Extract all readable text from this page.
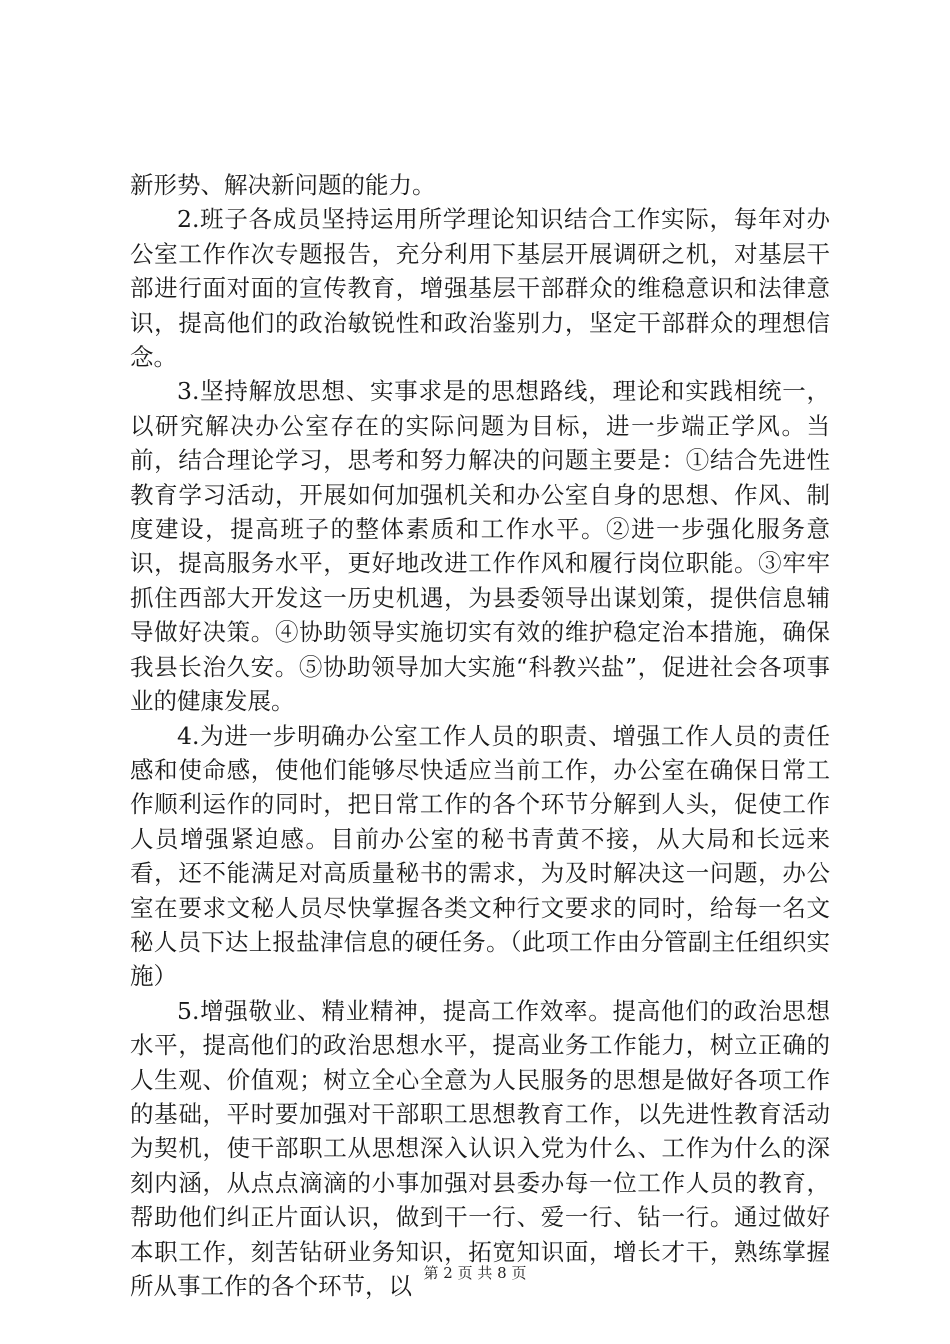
新形势、解决新问题的能力。

2.班子各成员坚持运用所学理论知识结合工作实际，每年对办公室工作作次专题报告，充分利用下基层开展调研之机，对基层干部进行面对面的宣传教育，增强基层干部群众的维稳意识和法律意识，提高他们的政治敏锐性和政治鉴别力，坚定干部群众的理想信念。

3.坚持解放思想、实事求是的思想路线，理论和实践相统一，以研究解决办公室存在的实际问题为目标，进一步端正学风。当前，结合理论学习，思考和努力解决的问题主要是：①结合先进性教育学习活动，开展如何加强机关和办公室自身的思想、作风、制度建设，提高班子的整体素质和工作水平。②进一步强化服务意识，提高服务水平，更好地改进工作作风和履行岗位职能。③牢牢抓住西部大开发这一历史机遇，为县委领导出谋划策，提供信息辅导做好决策。④协助领导实施切实有效的维护稳定治本措施，确保我县长治久安。⑤协助领导加大实施“科教兴盐”，促进社会各项事业的健康发展。

4.为进一步明确办公室工作人员的职责、增强工作人员的责任感和使命感，使他们能够尽快适应当前工作，办公室在确保日常工作顺利运作的同时，把日常工作的各个环节分解到人头，促使工作人员增强紧迫感。目前办公室的秘书青黄不接，从大局和长远来看，还不能满足对高质量秘书的需求，为及时解决这一问题，办公室在要求文秘人员尽快掌握各类文种行文要求的同时，给每一名文秘人员下达上报盐津信息的硬任务。（此项工作由分管副主任组织实施）

5.增强敬业、精业精神，提高工作效率。提高他们的政治思想水平，提高他们的政治思想水平，提高业务工作能力，树立正确的人生观、价值观；树立全心全意为人民服务的思想是做好各项工作的基础，平时要加强对干部职工思想教育工作，以先进性教育活动为契机，使干部职工从思想深入认识入党为什么、工作为什么的深刻内涵，从点点滴滴的小事加强对县委办每一位工作人员的教育，帮助他们纠正片面认识，做到干一行、爱一行、钻一行。通过做好本职工作，刻苦钻研业务知识，拓宽知识面，增长才干，熟练掌握所从事工作的各个环节，以 第 2 页 共 8 页
